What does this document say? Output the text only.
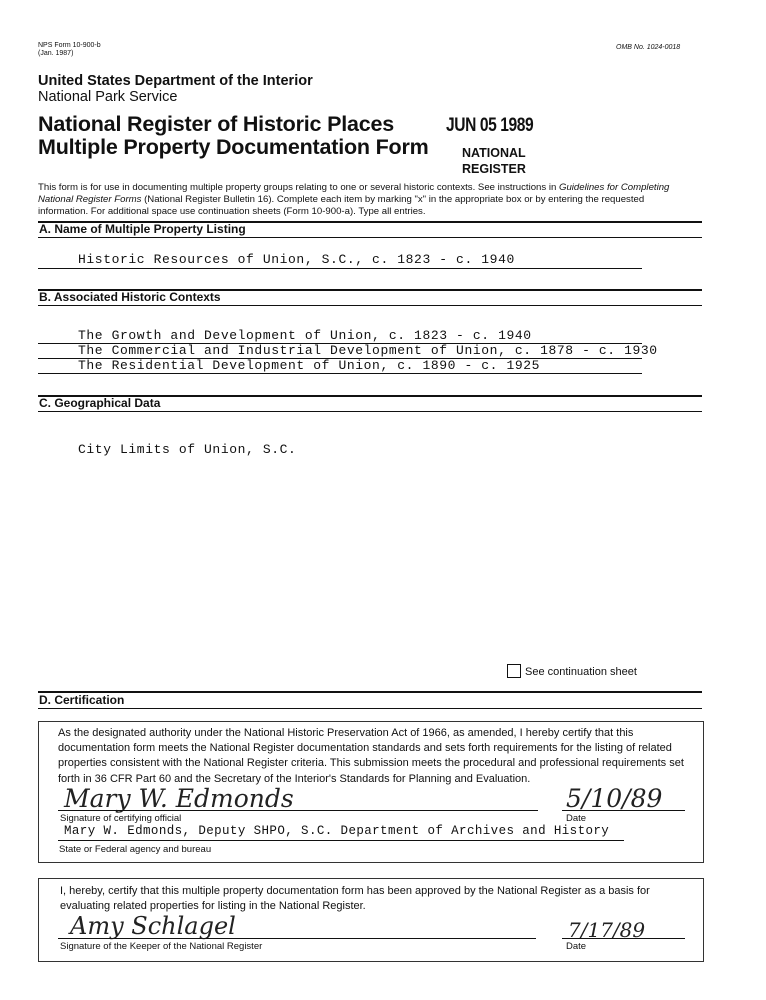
NPS Form 10-900-b
(Jan. 1987)
OMB No. 1024-0018
United States Department of the Interior
National Park Service
National Register of Historic Places
Multiple Property Documentation Form
JUN 05 1989
NATIONAL
REGISTER
This form is for use in documenting multiple property groups relating to one or several historic contexts. See instructions in Guidelines for Completing National Register Forms (National Register Bulletin 16). Complete each item by marking "x" in the appropriate box or by entering the requested information. For additional space use continuation sheets (Form 10-900-a). Type all entries.
A. Name of Multiple Property Listing
Historic Resources of Union, S.C., c. 1823 - c. 1940
B. Associated Historic Contexts
The Growth and Development of Union, c. 1823 - c. 1940
The Commercial and Industrial Development of Union, c. 1878 - c. 1930
The Residential Development of Union, c. 1890 - c. 1925
C. Geographical Data
City Limits of Union, S.C.
See continuation sheet
D. Certification
As the designated authority under the National Historic Preservation Act of 1966, as amended, I hereby certify that this documentation form meets the National Register documentation standards and sets forth requirements for the listing of related properties consistent with the National Register criteria. This submission meets the procedural and professional requirements set forth in 36 CFR Part 60 and the Secretary of the Interior's Standards for Planning and Evaluation.
Mary W. Edmonds	5/10/89
Signature of certifying official	Date
Mary W. Edmonds, Deputy SHPO, S.C. Department of Archives and History
State or Federal agency and bureau
I, hereby, certify that this multiple property documentation form has been approved by the National Register as a basis for evaluating related properties for listing in the National Register.
Amy Schlagel	7/17/89
Signature of the Keeper of the National Register	Date
